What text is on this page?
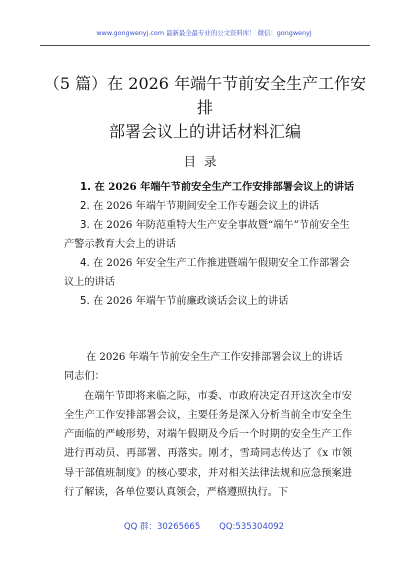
www.gongwenyj.com 最新最全最专业的公文资料库！ 微信：gongwenyj
（5 篇）在 2026 年端午节前安全生产工作安排
部署会议上的讲话材料汇编
目录

1. 在 2026 年端午节前安全生产工作安排部署会议上的讲话

2. 在 2026 年端午节期间安全工作专题会议上的讲话

3. 在 2026 年防范重特大生产安全事故暨“端午”节前安全生产警示教育大会上的讲话

4. 在 2026 年安全生产工作推进暨端午假期安全工作部署会议上的讲话

5. 在 2026 年端午节前廉政谈话会议上的讲话

在 2026 年端午节前安全生产工作安排部署会议上的讲话

同志们：

在端午节即将来临之际，市委、市政府决定召开这次全市安全生产工作安排部署会议，主要任务是深入分析当前全市安全生产面临的严峻形势，对端午假期及今后一个时期的安全生产工作进行再动员、再部署、再落实。刚才，雪琦同志传达了《x 市领导干部值班制度》的核心要求，并对相关法律法规和应急预案进行了解读，各单位要认真领会，严格遵照执行。下

QQ 群：30265665 QQ:535304092
